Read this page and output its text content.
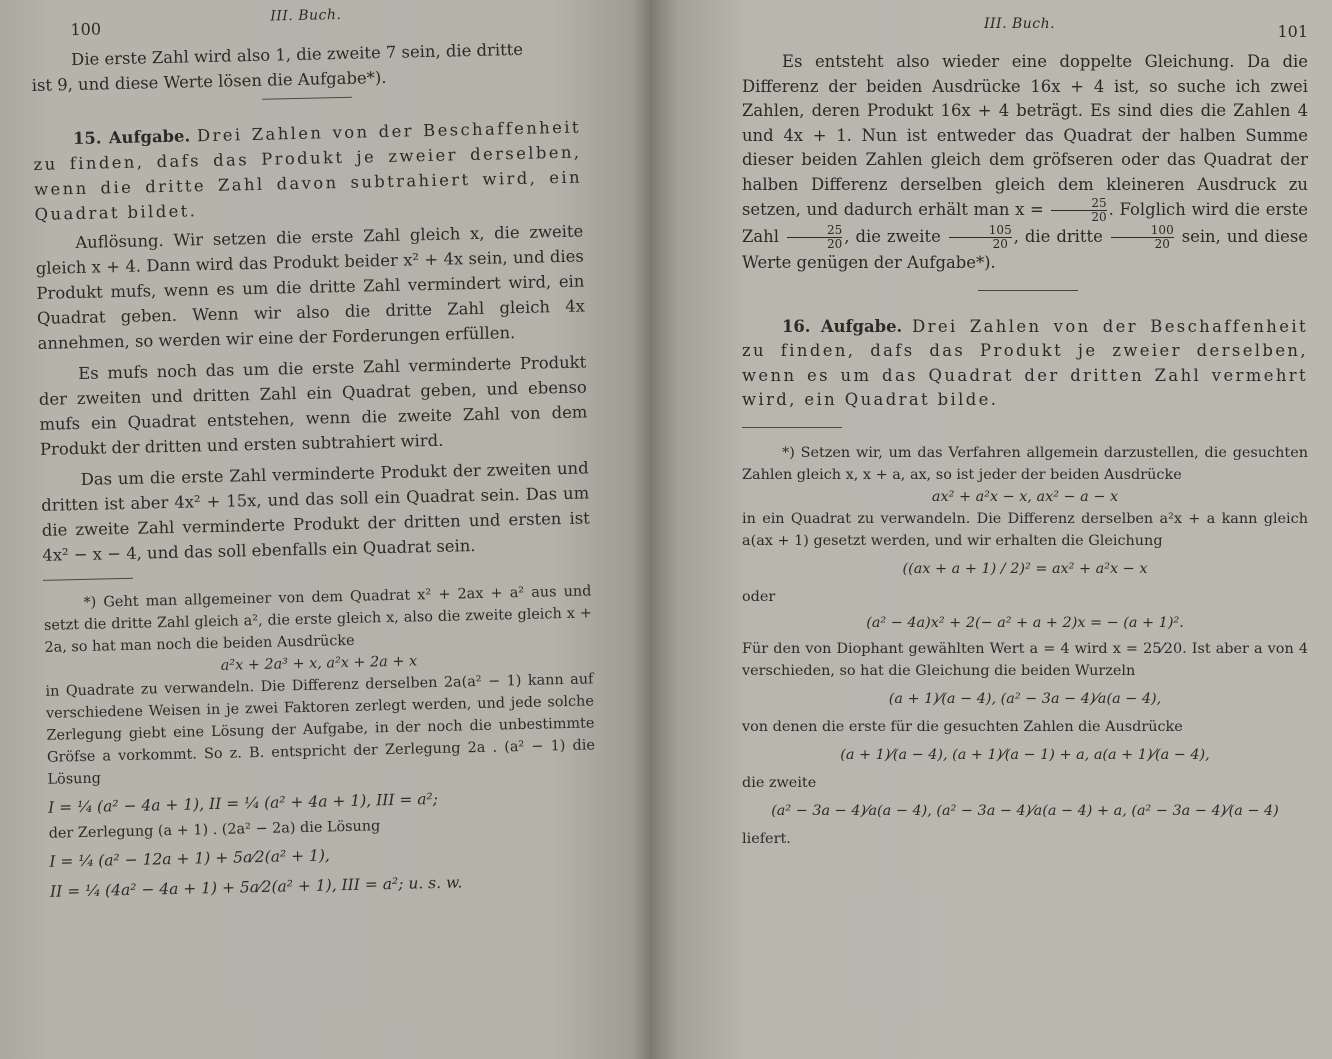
100
III. Buch.

Die erste Zahl wird also 1, die zweite 7 sein, die dritte

ist 9, und diese Werte lösen die Aufgabe*).

15. Aufgabe. Drei Zahlen von der Beschaffenheit zu finden, dafs das Produkt je zweier derselben, wenn die dritte Zahl davon subtrahiert wird, ein Quadrat bildet.

Auflösung. Wir setzen die erste Zahl gleich x, die zweite gleich x + 4. Dann wird das Produkt beider x² + 4x sein, und dies Produkt mufs, wenn es um die dritte Zahl vermindert wird, ein Quadrat geben. Wenn wir also die dritte Zahl gleich 4x annehmen, so werden wir eine der Forderungen erfüllen.

Es mufs noch das um die erste Zahl verminderte Produkt der zweiten und dritten Zahl ein Quadrat geben, und ebenso mufs ein Quadrat entstehen, wenn die zweite Zahl von dem Produkt der dritten und ersten subtrahiert wird.

Das um die erste Zahl verminderte Produkt der zweiten und dritten ist aber 4x² + 15x, und das soll ein Quadrat sein. Das um die zweite Zahl verminderte Produkt der dritten und ersten ist 4x² − x − 4, und das soll ebenfalls ein Quadrat sein.

*) Geht man allgemeiner von dem Quadrat x² + 2ax + a² aus und setzt die dritte Zahl gleich a², die erste gleich x, also die zweite gleich x + 2a, so hat man noch die beiden Ausdrücke

a²x + 2a³ + x, a²x + 2a + x

in Quadrate zu verwandeln. Die Differenz derselben 2a(a² − 1) kann auf verschiedene Weisen in je zwei Faktoren zerlegt werden, und jede solche Zerlegung giebt eine Lösung der Aufgabe, in der noch die unbestimmte Gröfse a vorkommt. So z. B. entspricht der Zerlegung 2a . (a² − 1) die Lösung

I = ¹⁄₄ (a² − 4a + 1), II = ¹⁄₄ (a² + 4a + 1), III = a²;

der Zerlegung (a + 1) . (2a² − 2a) die Lösung

I = ¹⁄₄ (a² − 12a + 1) + 5a⁄2(a² + 1),

II = ¹⁄₄ (4a² − 4a + 1) + 5a⁄2(a² + 1), III = a²; u. s. w.

III. Buch.	101

Es entsteht also wieder eine doppelte Gleichung. Da die Differenz der beiden Ausdrücke 16x + 4 ist, so suche ich zwei Zahlen, deren Produkt 16x + 4 beträgt. Es sind dies die Zahlen 4 und 4x + 1. Nun ist entweder das Quadrat der halben Summe dieser beiden Zahlen gleich dem gröfseren oder das Quadrat der halben Differenz derselben gleich dem kleineren Ausdruck zu setzen, und dadurch erhält man $x = \frac{25}{20}$ . Folglich wird die erste Zahl $\frac{25}{20}$ , die zweite $\frac{105}{20}$ , die dritte $\frac{100}{20}$ sein, und diese Werte genügen der Aufgabe*).

16. Aufgabe. Drei Zahlen von der Beschaffenheit zu finden, dafs das Produkt je zweier derselben, wenn es um das Quadrat der dritten Zahl vermehrt wird, ein Quadrat bilde.

*) Setzen wir, um das Verfahren allgemein darzustellen, die gesuchten Zahlen gleich x, x + a, ax, so ist jeder der beiden Ausdrücke

ax² + a²x − x, ax² − a − x

in ein Quadrat zu verwandeln. Die Differenz derselben a²x + a kann gleich a(ax + 1) gesetzt werden, und wir erhalten die Gleichung

((ax + a + 1) / 2)² = ax² + a²x − x

oder

(a² − 4a)x² + 2(− a² + a + 2)x = − (a + 1)².

Für den von Diophant gewählten Wert a = 4 wird x = 25⁄20. Ist aber a von 4 verschieden, so hat die Gleichung die beiden Wurzeln

(a + 1)⁄(a − 4), (a² − 3a − 4)⁄a(a − 4),

von denen die erste für die gesuchten Zahlen die Ausdrücke

(a + 1)⁄(a − 4), (a + 1)⁄(a − 1) + a, a(a + 1)⁄(a − 4),

die zweite

(a² − 3a − 4)⁄a(a − 4), (a² − 3a − 4)⁄a(a − 4) + a, (a² − 3a − 4)⁄(a − 4)

liefert.
